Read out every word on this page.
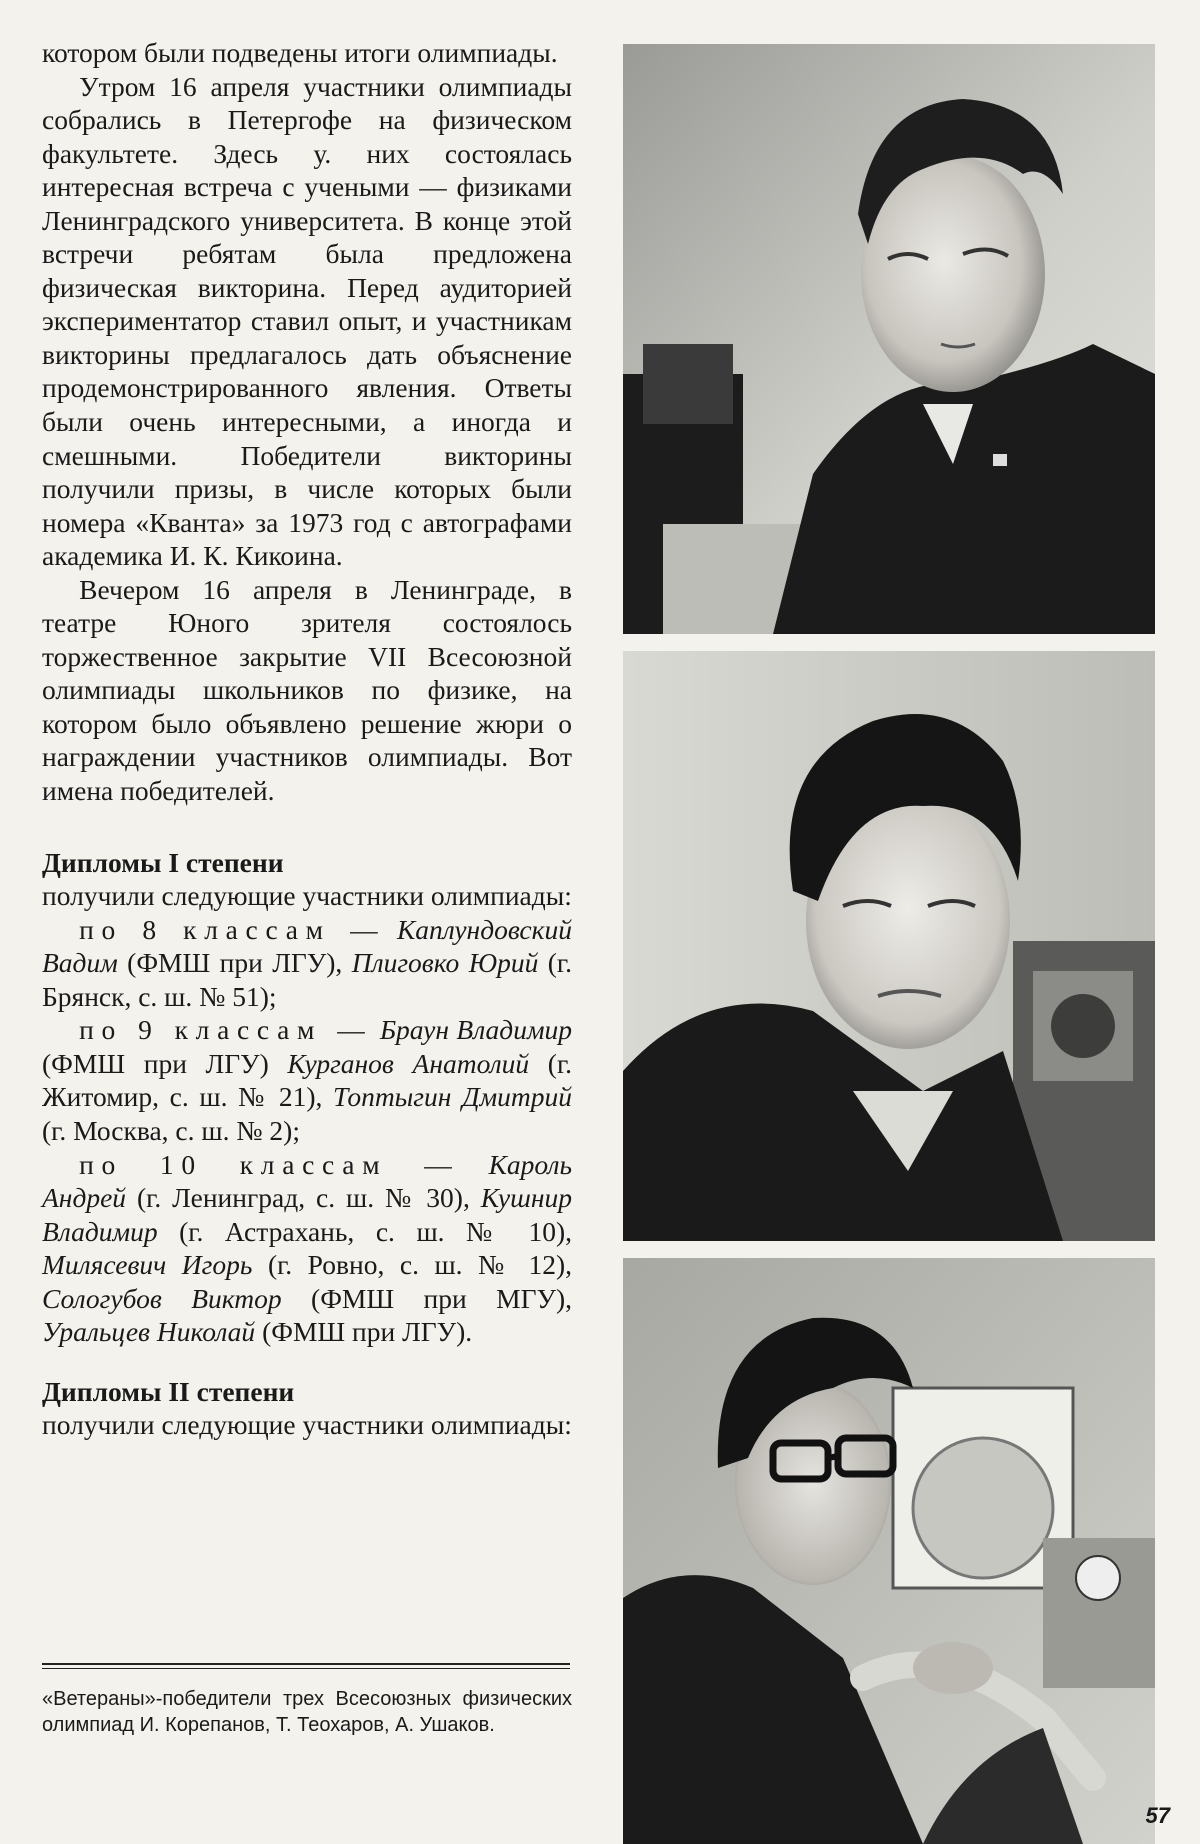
котором были подведены итоги олимпиады.

Утром 16 апреля участники олимпиады собрались в Петергофе на физическом факультете. Здесь у. них состоялась интересная встреча с учеными — физиками Ленинградского университета. В конце этой встречи ребятам была предложена физическая викторина. Перед аудиторией экспериментатор ставил опыт, и участникам викторины предлагалось дать объяснение продемонстрированного явления. Ответы были очень интересными, а иногда и смешными. Победители викторины получили призы, в числе которых были номера «Кванта» за 1973 год с автографами академика И. К. Кикоина.

Вечером 16 апреля в Ленинграде, в театре Юного зрителя состоялось торжественное закрытие VII Всесоюзной олимпиады школьников по физике, на котором было объявлено решение жюри о награждении участников олимпиады. Вот имена победителей.

Дипломы I степени

получили следующие участники олимпиады:

по 8 классам — Каплундовский Вадим (ФМШ при ЛГУ), Плиговко Юрий (г. Брянск, с. ш. № 51);

по 9 классам — Браун Владимир (ФМШ при ЛГУ) Курганов Анатолий (г. Житомир, с. ш. № 21), Топтыгин Дмитрий (г. Москва, с. ш. № 2);

по 10 классам — Кароль Андрей (г. Ленинград, с. ш. № 30), Кушнир Владимир (г. Астрахань, с. ш. № 10), Милясевич Игорь (г. Ровно, с. ш. № 12), Сологубов Виктор (ФМШ при МГУ), Уральцев Николай (ФМШ при ЛГУ).

Дипломы II степени

получили следующие участники олимпиады:

«Ветераны»-победители трех Всесоюзных физических олимпиад И. Корепанов, Т. Теохаров, А. Ушаков.
57
